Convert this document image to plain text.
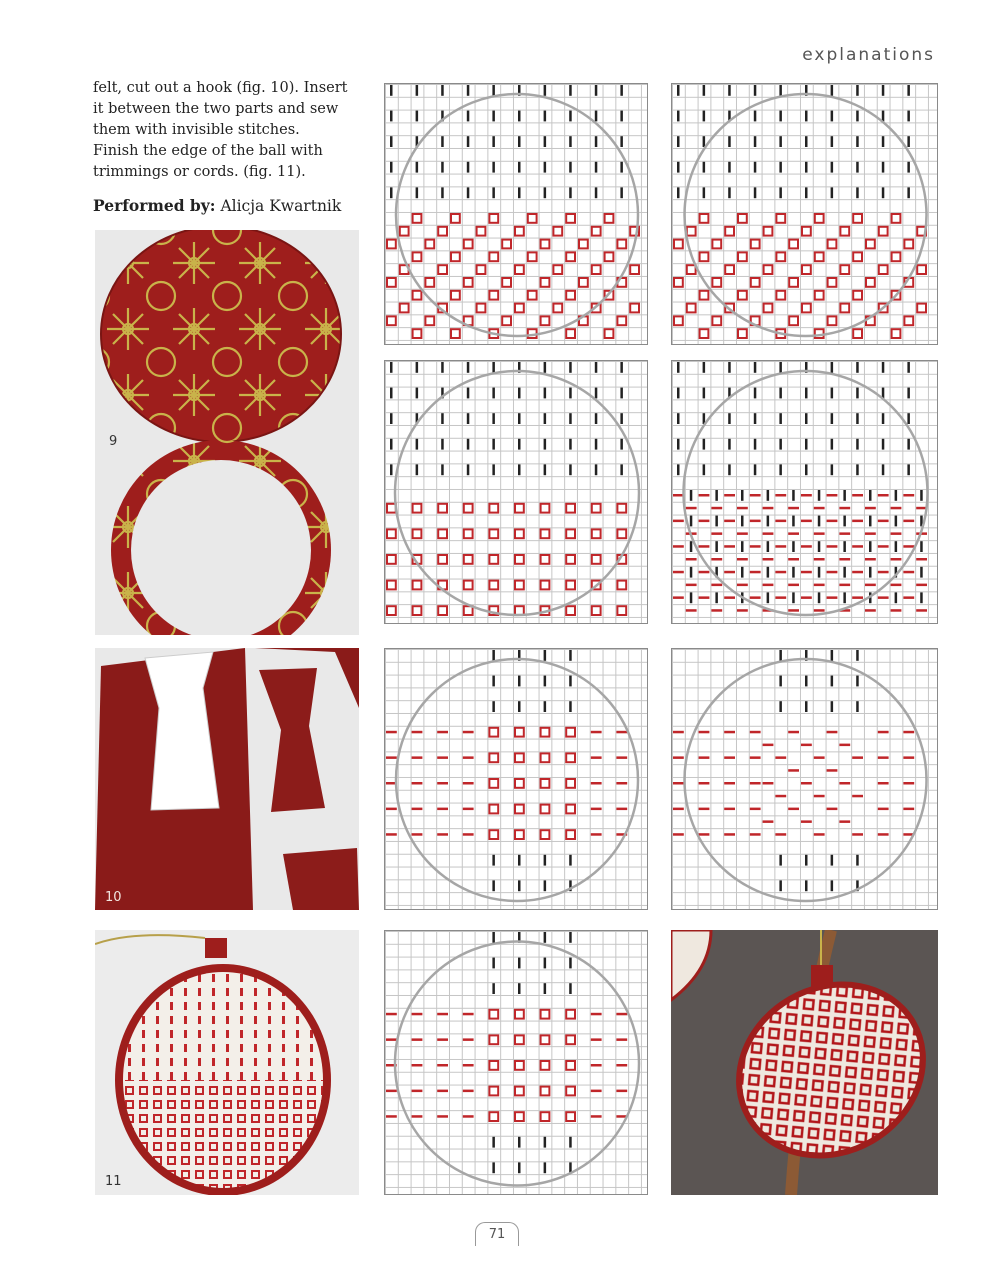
explanations

felt, cut out a hook (fig. 10). Insert it between the two parts and sew them with invisible stitches.

Finish the edge of the ball with trimmings or cords. (fig. 11).

Performed by: Alicja Kwartnik

9
10
11
71
